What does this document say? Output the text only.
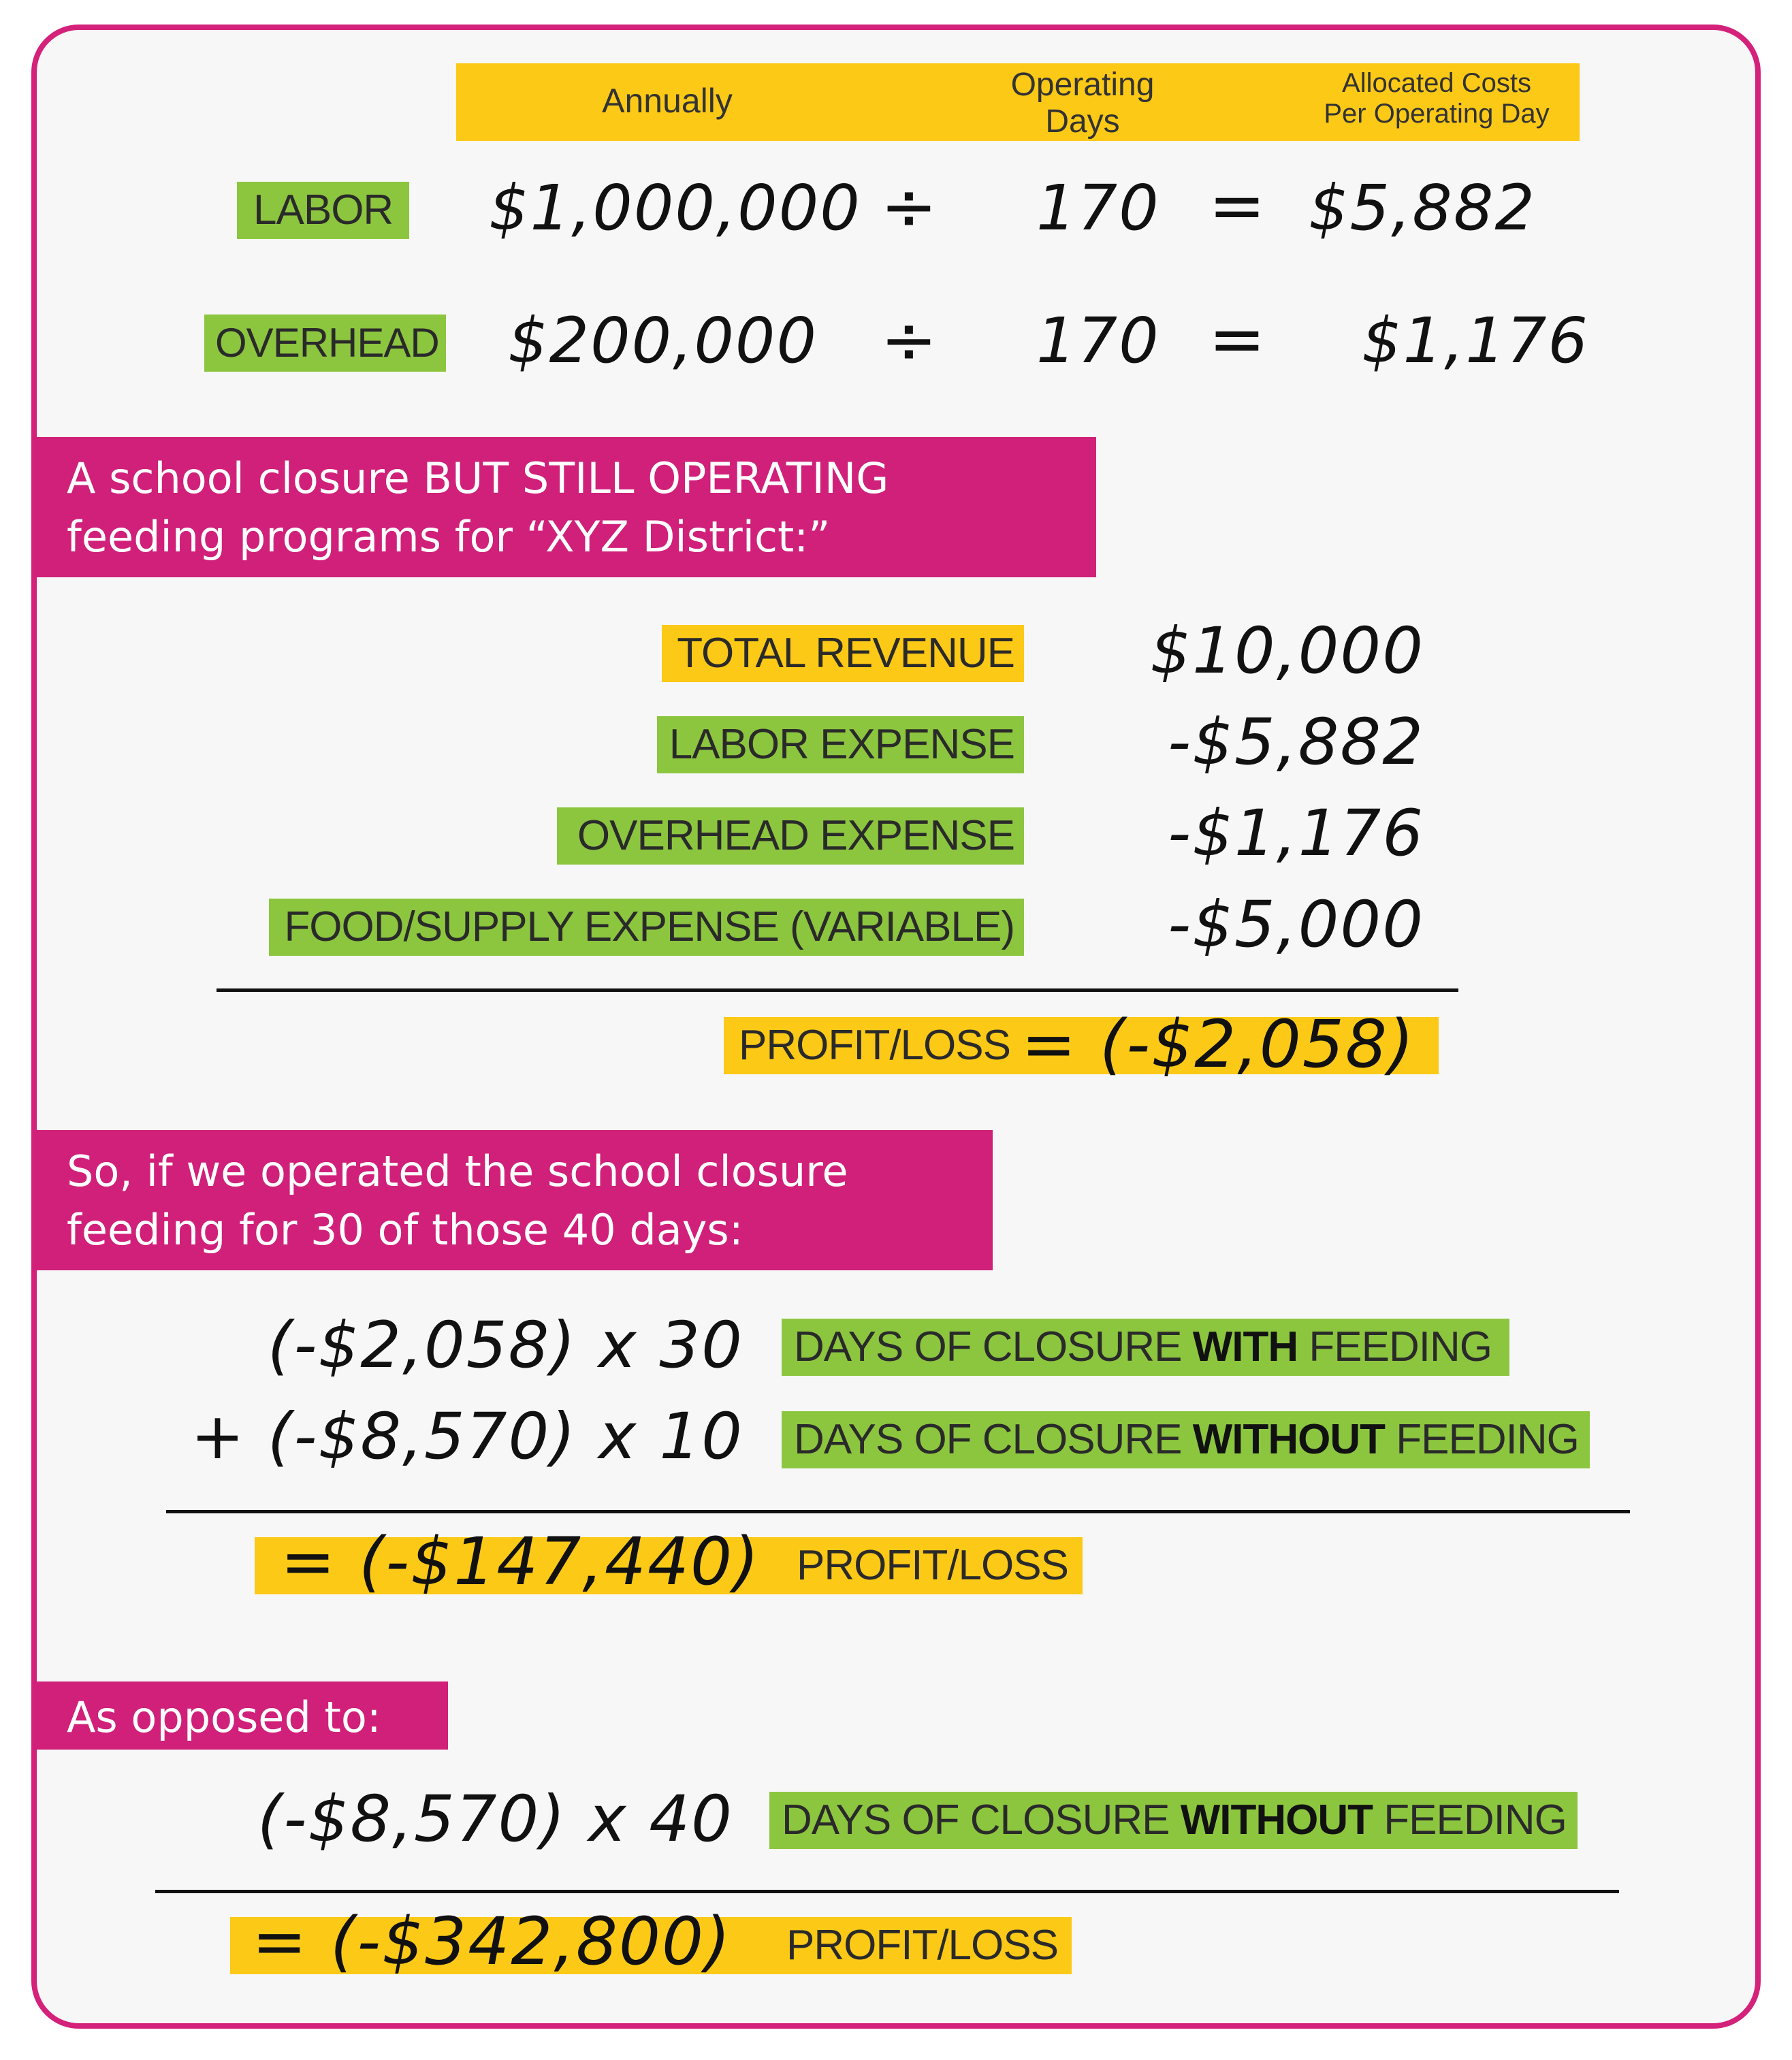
Annually	Operating
Days
Allocated Costs
Per Operating Day
LABOR $1,000,000 ÷ 170 = $5,882
OVERHEAD $200,000 ÷ 170 = $1,176
A school closure BUT STILL OPERATING
feeding programs for “XYZ District:”
TOTAL REVENUE $10,000
LABOR EXPENSE -$5,882
OVERHEAD EXPENSE -$1,176
FOOD/SUPPLY EXPENSE (VARIABLE) -$5,000
PROFIT/LOSS = (-$2,058)
So, if we operated the school closure
feeding for 30 of those 40 days:
(-$2,058) x 30 DAYS OF CLOSURE WITH FEEDING
+ (-$8,570) x 10 DAYS OF CLOSURE WITHOUT FEEDING
= (-$147,440) PROFIT/LOSS
As opposed to:
(-$8,570) x 40 DAYS OF CLOSURE WITHOUT FEEDING
= (-$342,800) PROFIT/LOSS
